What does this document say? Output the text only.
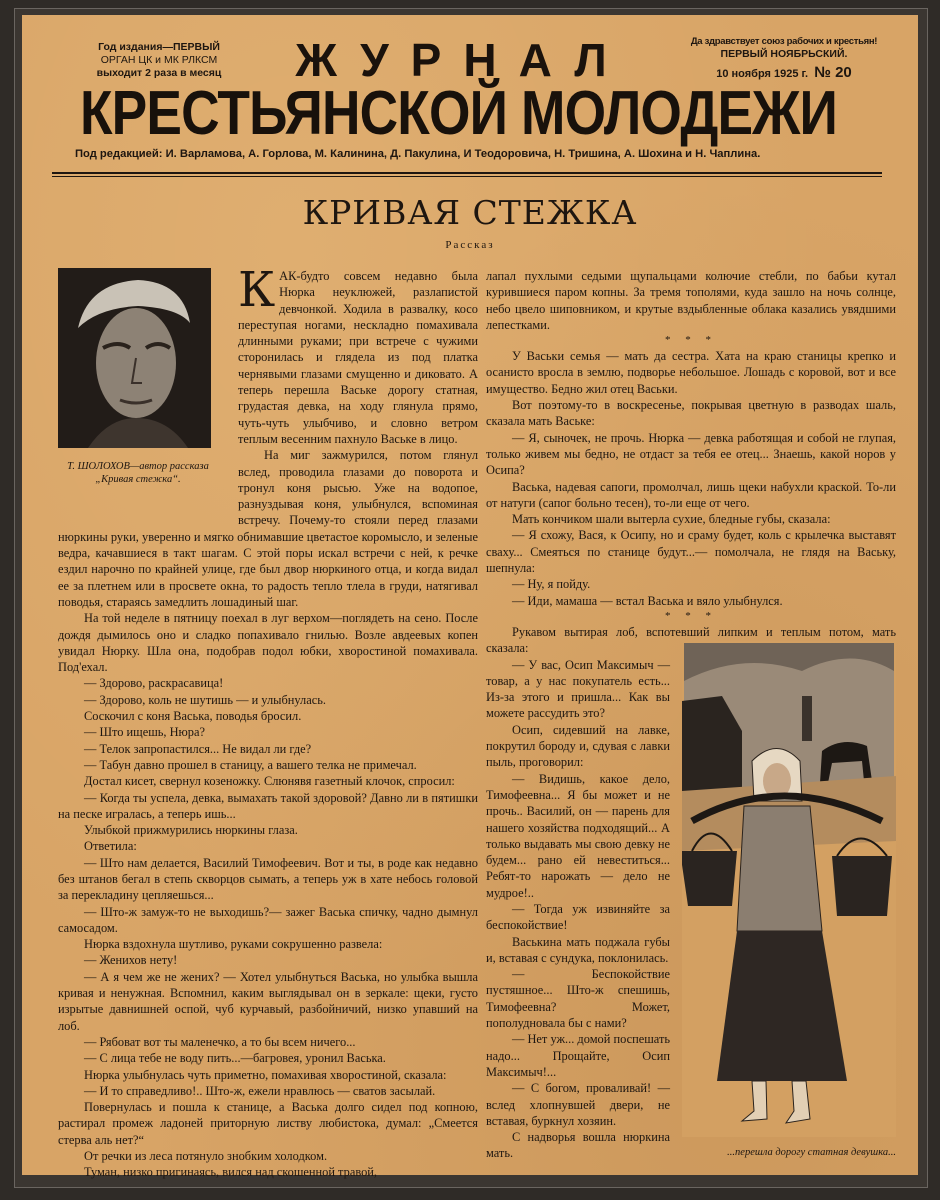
Год издания—ПЕРВЫЙ
ОРГАН ЦК и МК РЛКСМ
выходит 2 раза в месяц	ЖУРНАЛ	Да здравствует союз рабочих и крестьян!
ПЕРВЫЙ НОЯБРЬСКИЙ.
10 ноября 1925 г. № 20
КРЕСТЬЯНСКОЙ МОЛОДЕЖИ
Под редакцией: И. Варламова, А. Горлова, М. Калинина, Д. Пакулина, И Теодоровича, Н. Тришина, А. Шохина и Н. Чаплина.
КРИВАЯ СТЕЖКА
Рассказ
Т. ШОЛОХОВ—автор рассказа „Кривая стежка“.
К АК-будто совсем недавно была Нюрка неуклюжей, разлапистой девчонкой. Ходила в развалку, косо переступая ногами, нескладно помахивала длинными руками; при встрече с чужими сторонилась и глядела из под платка чернявыми глазами смущенно и диковато. А теперь перешла Ваське дорогу статная, грудастая девка, на ходу глянула прямо, чуть-чуть улыбчиво, и словно ветром теплым весенним пахнуло Ваське в лицо.

На миг зажмурился, потом глянул вслед, проводила глазами до поворота и тронул коня рысью. Уже на водопое, разнуздывая коня, улыбнулся, вспоминая встречу. Почему-то стояли перед глазами нюркины руки, уверенно и мягко обнимавшие цветастое коромысло, и зеленые ведра, качавшиеся в такт шагам. С этой поры искал встречи с ней, к речке ездил нарочно по крайней улице, где был двор нюркиного отца, и когда видал ее за плетнем или в просвете окна, то радость тепло тлела в груди, натягивал поводья, стараясь замедлить лошадиный шаг.

На той неделе в пятницу поехал в луг верхом—поглядеть на сено. После дождя дымилось оно и сладко попахивало гнилью. Возле авдеевых копен увидал Нюрку. Шла она, подобрав подол юбки, хворостиной помахивала. Под'ехал.

— Здорово, раскрасавица!

— Здорово, коль не шутишь — и улыбнулась.

Соскочил с коня Васька, поводья бросил.

— Што ищешь, Нюра?

— Телок запропастился... Не видал ли где?

— Табун давно прошел в станицу, а вашего телка не примечал.

Достал кисет, свернул козеножку. Слюнявя газетный клочок, спросил:

— Когда ты успела, девка, вымахать такой здоровой? Давно ли в пятишки на песке игралась, а теперь ишь...

Улыбкой прижмурились нюркины глаза.

Ответила:

— Што нам делается, Василий Тимофеевич. Вот и ты, в роде как недавно без штанов бегал в степь скворцов сымать, а теперь уж в хате небось головой за перекладину цепляешься...

— Што-ж замуж-то не выходишь?— зажег Васька спичку, чадно дымнул самосадом.

Нюрка вздохнула шутливо, руками сокрушенно развела:

— Женихов нету!

— А я чем же не жених? — Хотел улыбнуться Васька, но улыбка вышла кривая и ненужная. Вспомнил, каким выглядывал он в зеркале: щеки, густо изрытые давнишней оспой, чуб курчавый, разбойничий, низко упавший на лоб.

— Рябоват вот ты маленечко, а то бы всем ничего...

— С лица тебе не воду пить...—багровея, уронил Васька.

Нюрка улыбнулась чуть приметно, помахивая хворостиной, сказала:

— И то справедливо!.. Што-ж, ежели нравлюсь — сватов засылай.

Повернулась и пошла к станице, а Васька долго сидел под копною, растирал промеж ладоней приторную листву любистока, думал: „Смеется стерва аль нет?“

От речки из леса потянуло знобким холодком.

Туман, низко пригинаясь, вился над скошенной травой,

...перешла дорогу статная девушка...

лапал пухлыми седыми щупальцами колючие стебли, по бабьи кутал курившиеся паром копны. За тремя тополями, куда зашло на ночь солнце, небо цвело шиповником, и крутые вздыбленные облака казались увядшими лепестками.

* * *

У Васьки семья — мать да сестра. Хата на краю станицы крепко и осанисто вросла в землю, подворье небольшое. Лошадь с коровой, вот и все имущество. Бедно жил отец Васьки.

Вот поэтому-то в воскресенье, покрывая цветную в разводах шаль, сказала мать Ваське:

— Я, сыночек, не прочь. Нюрка — девка работящая и собой не глупая, только живем мы бедно, не отдаст за тебя ее отец... Знаешь, какой норов у Осипа?

Васька, надевая сапоги, промолчал, лишь щеки набухли краской. То-ли от натуги (сапог больно тесен), то-ли еще от чего.

Мать кончиком шали вытерла сухие, бледные губы, сказала:

— Я схожу, Вася, к Осипу, но и сраму будет, коль с крылечка выставят сваху... Смеяться по станице будут...— помолчала, не глядя на Ваську, шепнула:

— Ну, я пойду.

— Иди, мамаша — встал Васька и вяло улыбнулся.

* * *

Рукавом вытирая лоб, вспотевший липким и теплым потом, мать сказала:

— У вас, Осип Максимыч — товар, а у нас покупатель есть... Из-за этого и пришла... Как вы можете рассудить это?

Осип, сидевший на лавке, покрутил бороду и, сдувая с лавки пыль, проговорил:

— Видишь, какое дело, Тимофеевна... Я бы может и не прочь.. Василий, он — парень для нашего хозяйства подходящий... А только выдавать мы свою девку не будем... рано ей невеститься... Ребят-то нарожать — дело не мудрое!..

— Тогда уж извиняйте за беспокойствие!

Васькина мать поджала губы и, вставая с сундука, поклонилась.

— Беспокойствие пустяшное... Што-ж спешишь, Тимофеевна? Может, пополудновала бы с нами?

— Нет уж... домой поспешать надо... Прощайте, Осип Максимыч!...

— С богом, проваливай! — вслед хлопнувшей двери, не вставая, буркнул хозяин.

С надворья вошла нюркина мать.
